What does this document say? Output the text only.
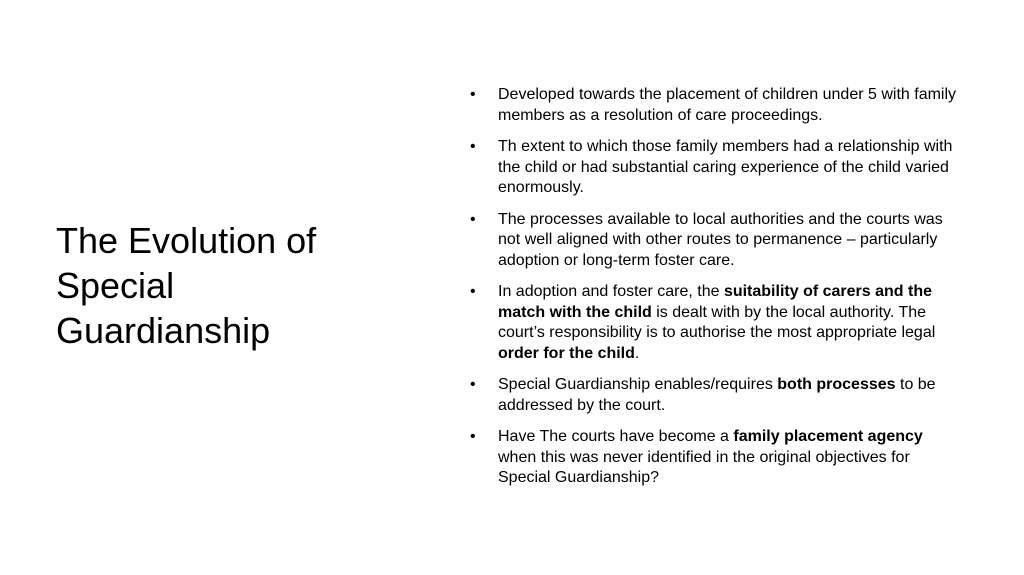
The Evolution of
Special
Guardianship
• Developed towards the placement of children under 5 with family members as a resolution of care proceedings.
• Th extent to which those family members had a relationship with the child or had substantial caring experience of the child varied enormously.
• The processes available to local authorities and the courts was not well aligned with other routes to permanence – particularly adoption or long-term foster care.
• In adoption and foster care, the suitability of carers and the match with the child is dealt with by the local authority. The court’s responsibility is to authorise the most appropriate legal order for the child.
• Special Guardianship enables/requires both processes to be addressed by the court.
• Have The courts have become a family placement agency when this was never identified in the original objectives for Special Guardianship?
